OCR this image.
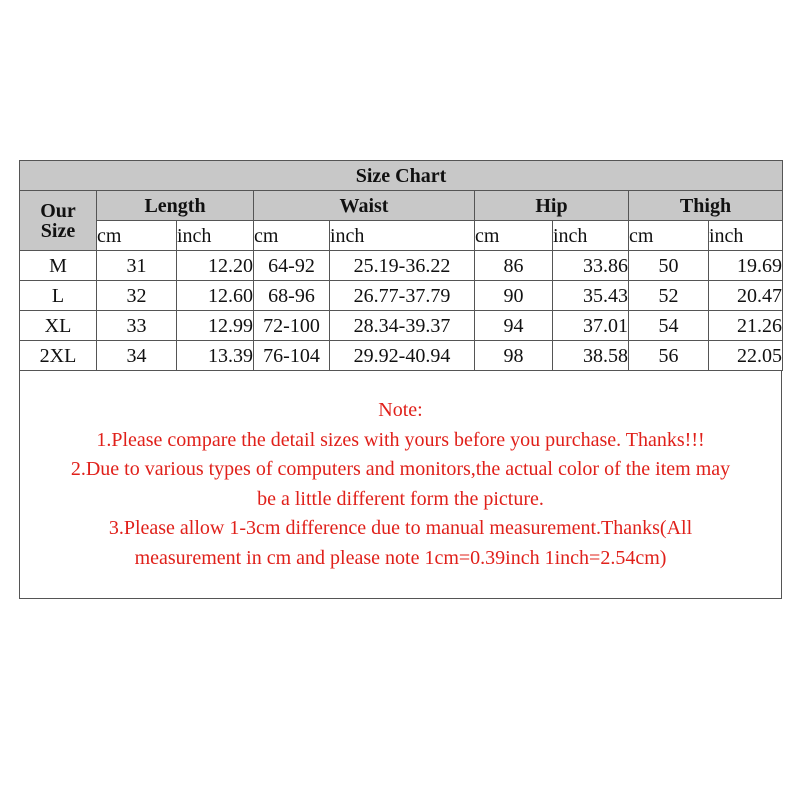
Size Chart								

Our
Size	Length		Waist		Hip		Thigh	
	cm	inch	cm	inch	cm	inch	cm	inch
M	31	12.20	64-92	25.19-36.22	86	33.86	50	19.69
L	32	12.60	68-96	26.77-37.79	90	35.43	52	20.47
XL	33	12.99	72-100	28.34-39.37	94	37.01	54	21.26
2XL	34	13.39	76-104	29.92-40.94	98	38.58	56	22.05
Note:
1.Please compare the detail sizes with yours before you purchase. Thanks!!!
2.Due to various types of computers and monitors,the actual color of the item may
be a little different form the picture.
3.Please allow 1-3cm difference due to manual measurement.Thanks(All
measurement in cm and please note 1cm=0.39inch 1inch=2.54cm)
